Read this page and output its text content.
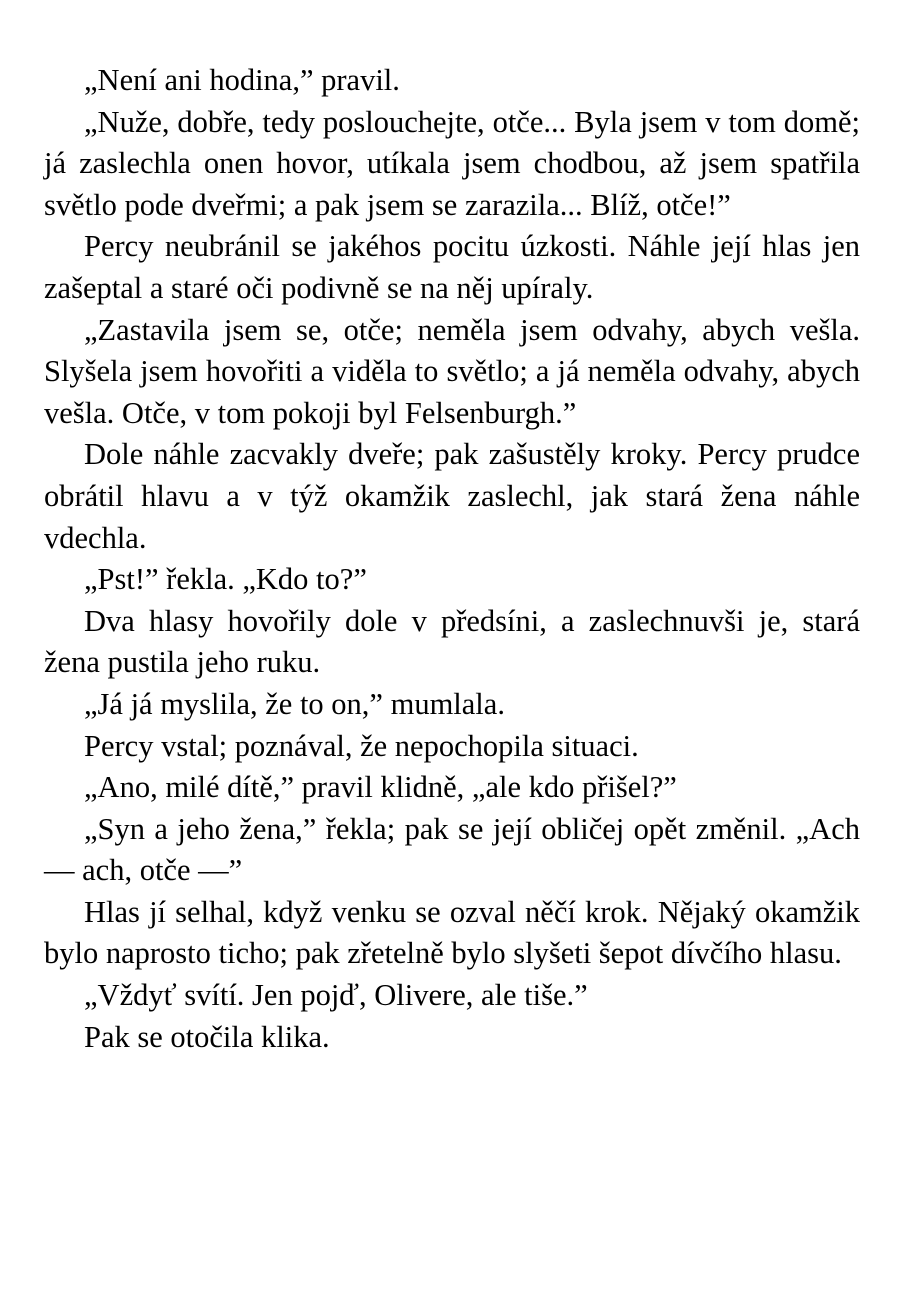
„Není ani hodina,” pravil.

„Nuže, dobře, tedy poslouchejte, otče... Byla jsem v tom domě; já zaslechla onen hovor, utíkala jsem chodbou, až jsem spatřila světlo pode dveřmi; a pak jsem se zarazila... Blíž, otče!”

Percy neubránil se jakéhos pocitu úzkosti. Náhle její hlas jen zašeptal a staré oči podivně se na něj upíraly.

„Zastavila jsem se, otče; neměla jsem odvahy, abych vešla. Slyšela jsem hovořiti a viděla to světlo; a já neměla odvahy, abych vešla. Otče, v tom pokoji byl Felsenburgh.”

Dole náhle zacvakly dveře; pak zašustěly kroky. Percy prudce obrátil hlavu a v týž okamžik zaslechl, jak stará žena náhle vdechla.

„Pst!” řekla. „Kdo to?”

Dva hlasy hovořily dole v předsíni, a zaslechnuvši je, stará žena pustila jeho ruku.

„Já já myslila, že to on,” mumlala.

Percy vstal; poznával, že nepochopila situaci.

„Ano, milé dítě,” pravil klidně, „ale kdo přišel?”

„Syn a jeho žena,” řekla; pak se její obličej opět změnil. „Ach — ach, otče —”

Hlas jí selhal, když venku se ozval něčí krok. Nějaký okamžik bylo naprosto ticho; pak zřetelně bylo slyšeti šepot dívčího hlasu.

„Vždyť svítí. Jen pojď, Olivere, ale tiše.”

Pak se otočila klika.
